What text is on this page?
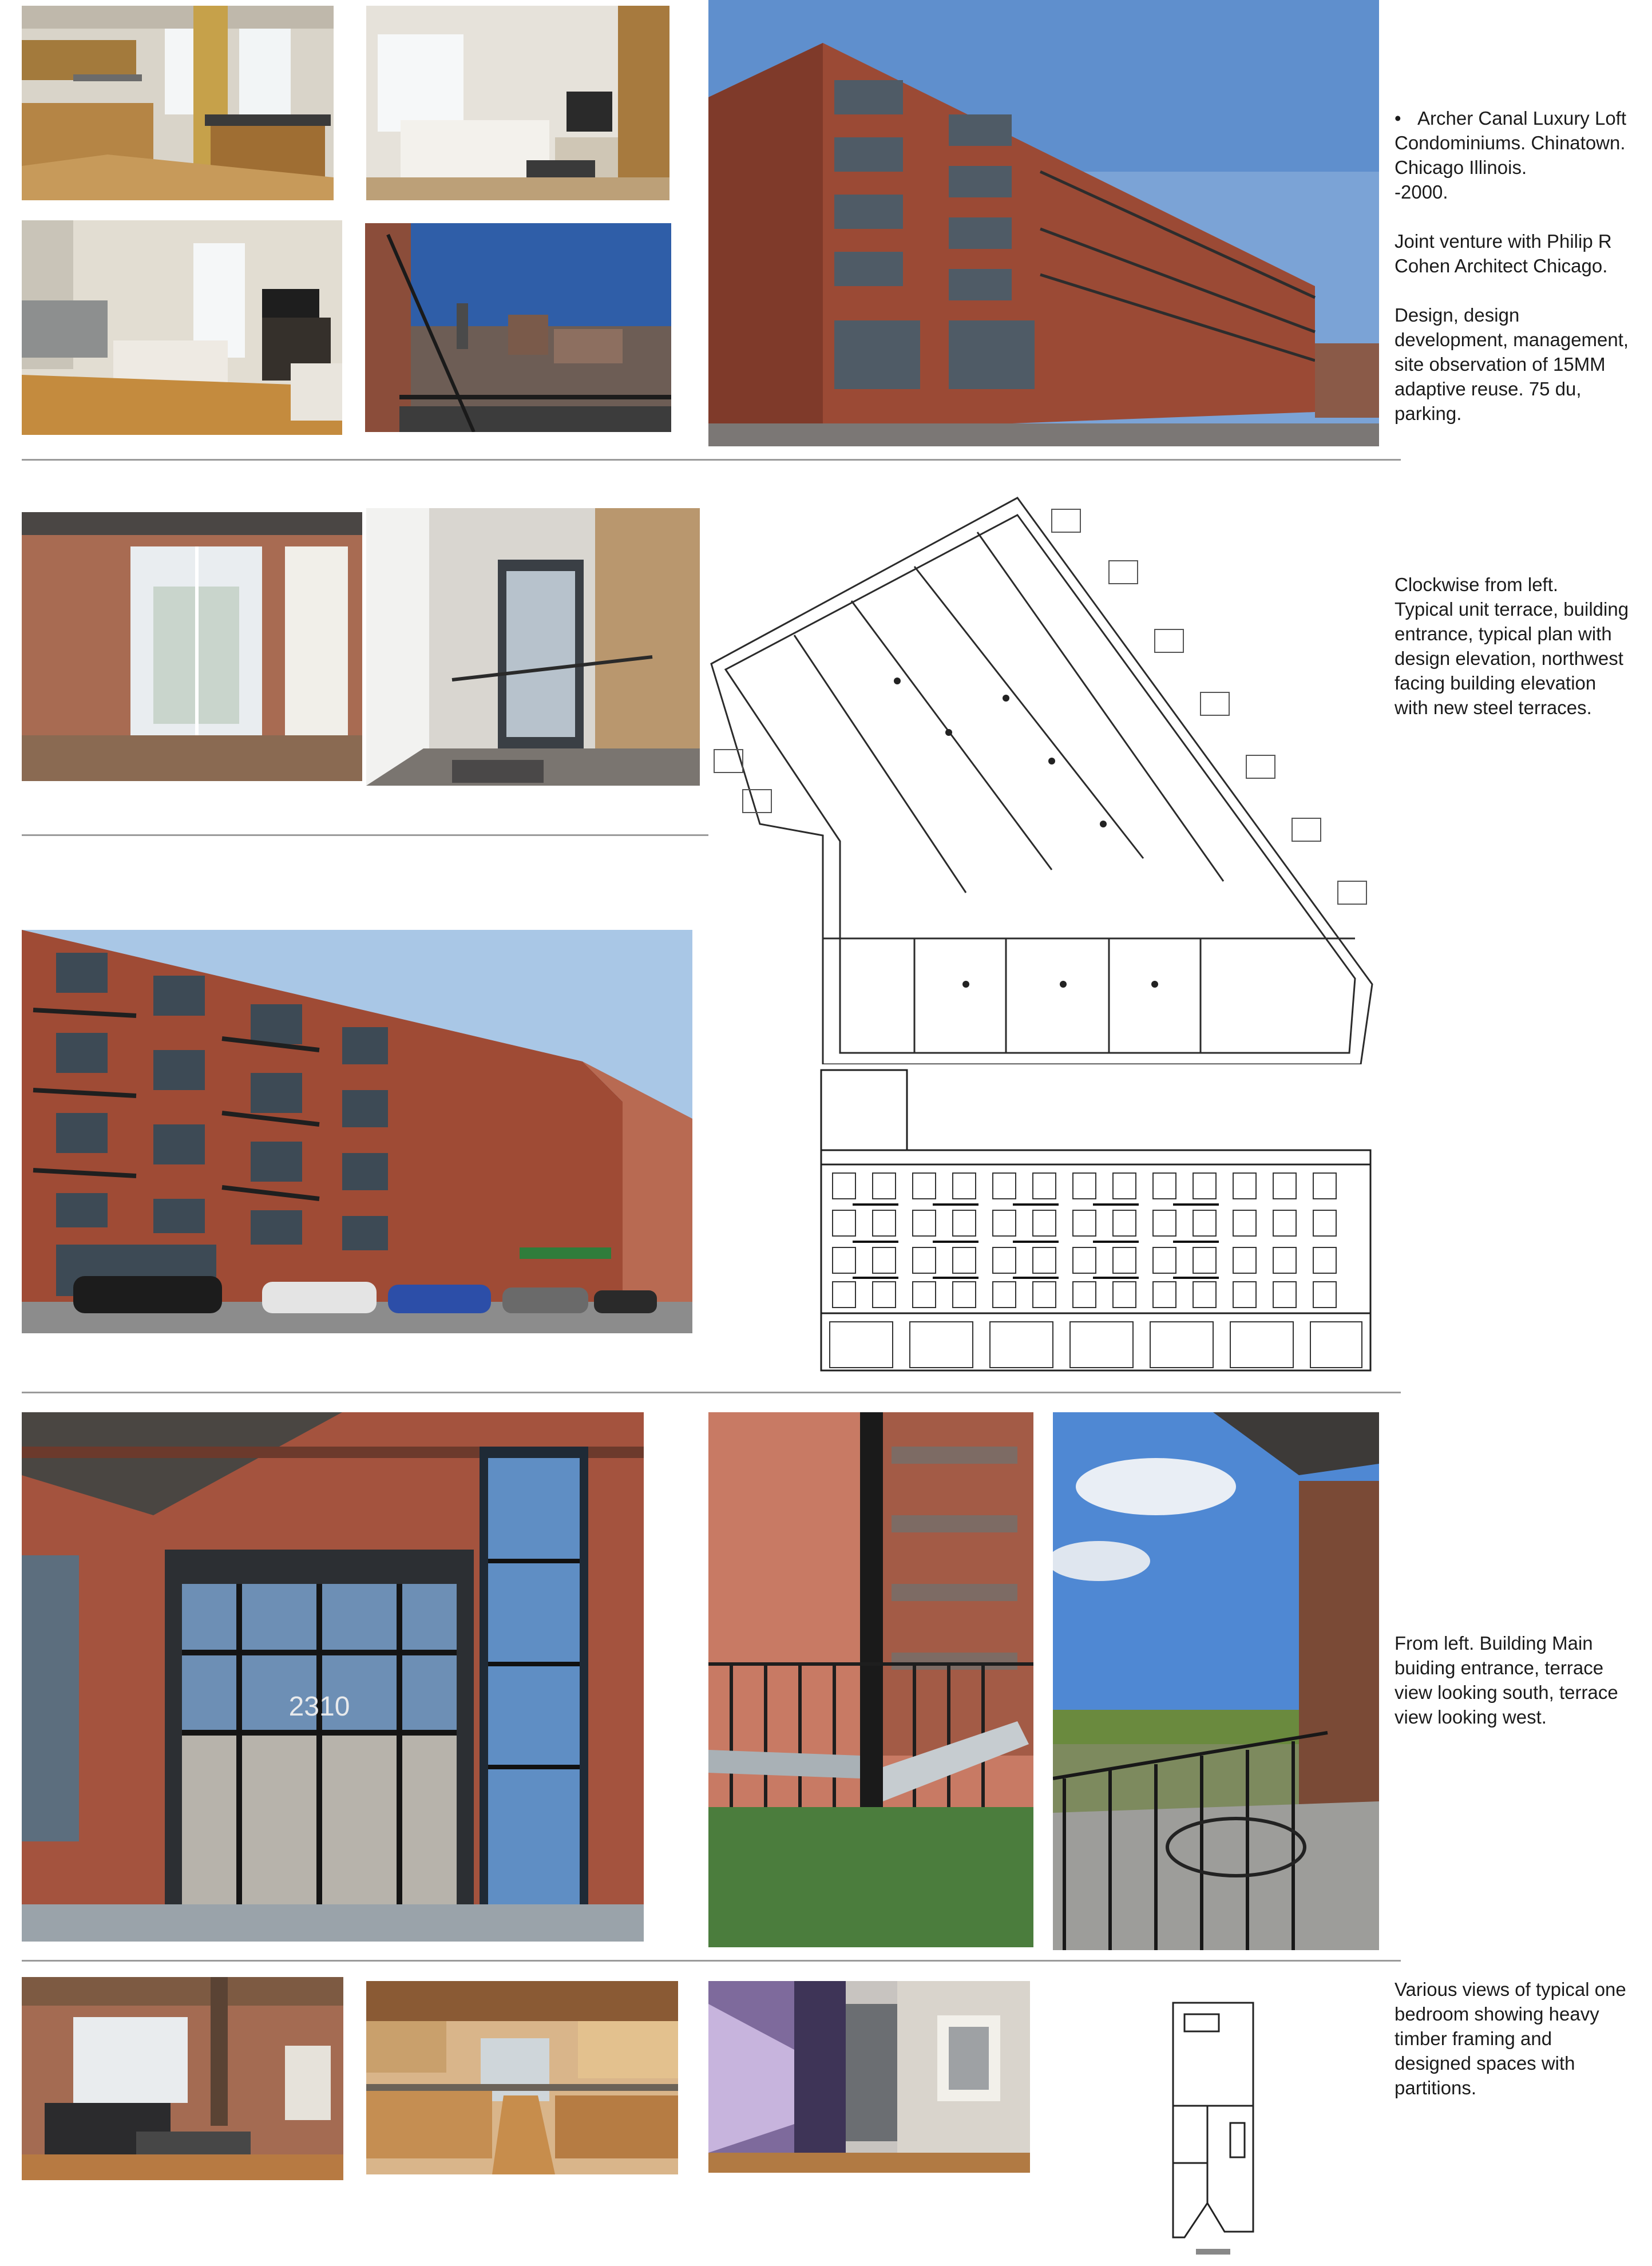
• Archer Canal Luxury Loft

Condominiums. Chinatown.

Chicago Illinois.

-2000.

Joint venture with Philip R

Cohen Architect Chicago.

Design, design

development, management,

site observation of 15MM

adaptive reuse. 75 du,

parking.

Clockwise from left.

Typical unit terrace, building

entrance, typical plan with

design elevation, northwest

facing building elevation

with new steel terraces.

2310

From left. Building Main

buiding entrance, terrace

view looking south, terrace

view looking west.

Various views of typical one

bedroom showing heavy

timber framing and

designed spaces with

partitions.
